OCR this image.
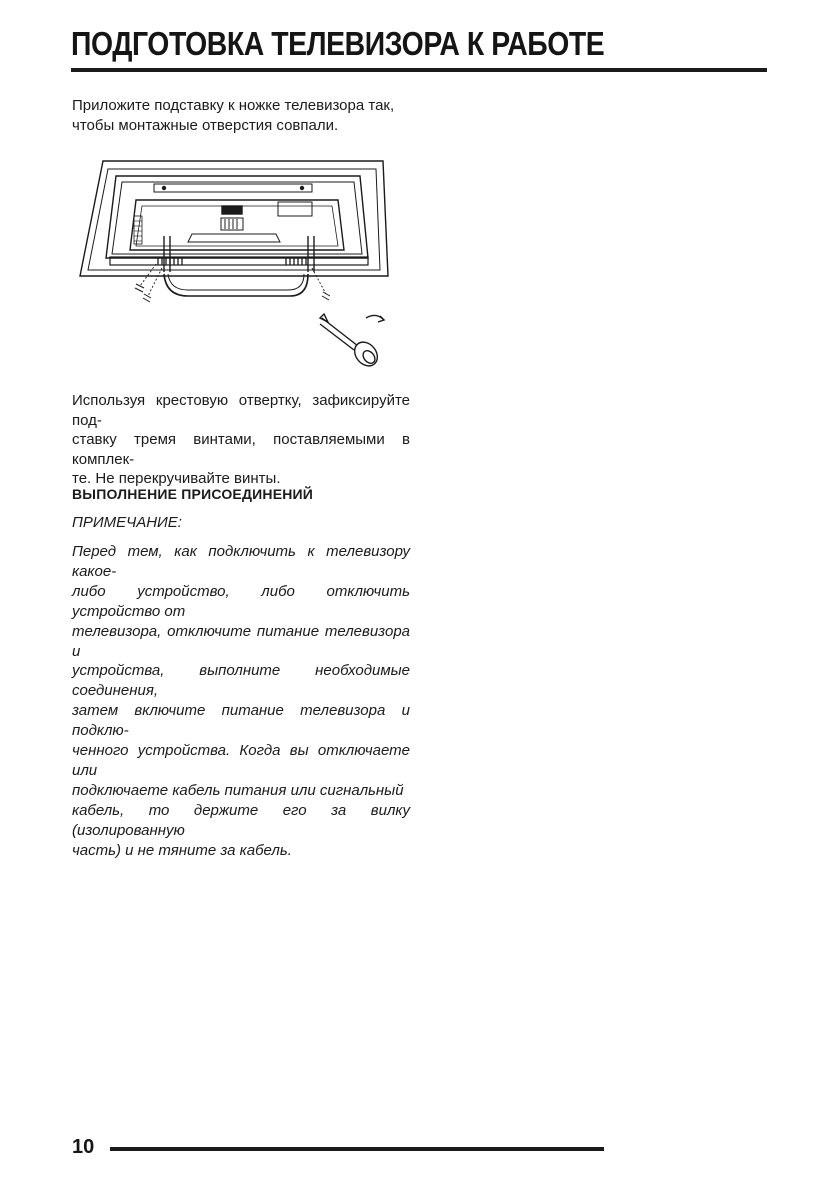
ПОДГОТОВКА ТЕЛЕВИЗОРА К РАБОТЕ
Приложите подставку к ножке телевизора так,
чтобы монтажные отверстия совпали.
Используя крестовую отвертку, зафиксируйте под-
ставку тремя винтами, поставляемыми в комплек-
те. Не перекручивайте винты.
ВЫПОЛНЕНИЕ ПРИСОЕДИНЕНИЙ
ПРИМЕЧАНИЕ:
Перед тем, как подключить к телевизору какое-
либо устройство, либо отключить устройство от
телевизора, отключите питание телевизора и
устройства, выполните необходимые соединения,
затем включите питание телевизора и подклю-
ченного устройства. Когда вы отключаете или
подключаете кабель питания или сигнальный
кабель, то держите его за вилку (изолированную
часть) и не тяните за кабель.
10
